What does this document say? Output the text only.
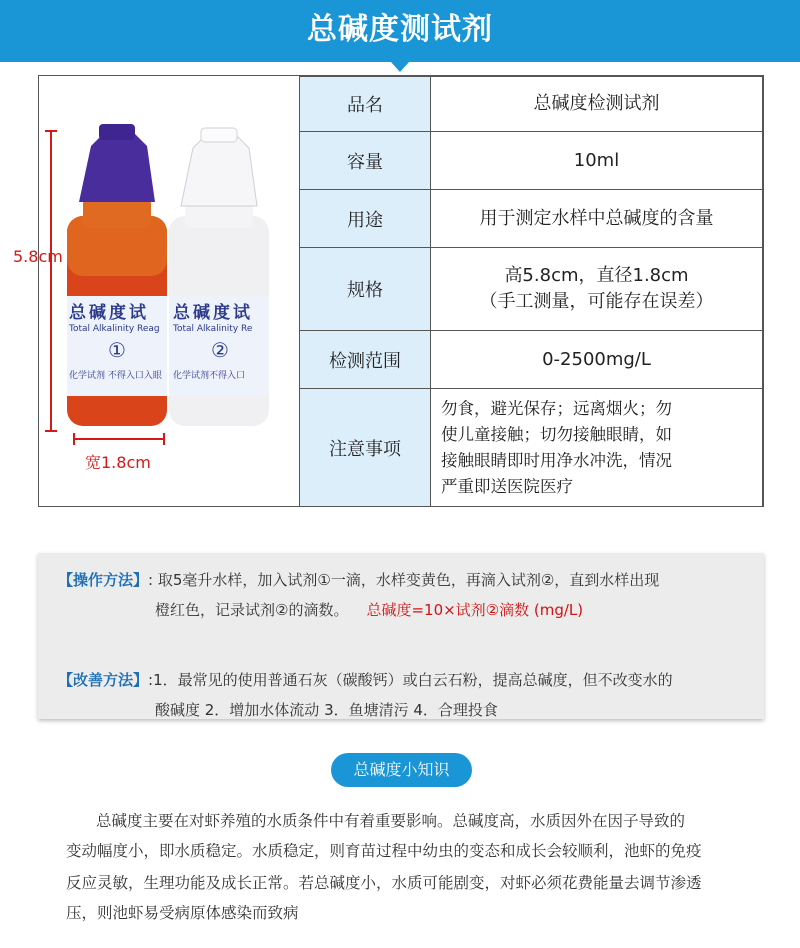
总碱度测试剂
总碱度试
Total Alkalinity Reag
①
化学试剂 不得入口入眼
总碱度试
Total Alkalinity Re
②
化学试剂不得入口
5.8cm
宽1.8cm
品名	总碱度检测试剂

容量	10ml

用途	用于测定水样中总碱度的含量

规格	高5.8cm，直径1.8cm
（手工测量，可能存在误差）

检测范围	0-2500mg/L

注意事项	勿食，避光保存；远离烟火；勿
使儿童接触；切勿接触眼睛，如
接触眼睛即时用净水冲洗，情况
严重即送医院医疗
【操作方法】: 取5毫升水样，加入试剂①一滴，水样变黄色，再滴入试剂②，直到水样出现
橙红色，记录试剂②的滴数。 总碱度=10×试剂②滴数 (mg/L)
【改善方法】:1．最常见的使用普通石灰（碳酸钙）或白云石粉，提高总碱度，但不改变水的
酸碱度 2．增加水体流动 3．鱼塘清污 4．合理投食
总碱度小知识
总碱度主要在对虾养殖的水质条件中有着重要影响。总碱度高，水质因外在因子导致的
变动幅度小，即水质稳定。水质稳定，则育苗过程中幼虫的变态和成长会较顺利，池虾的免疫
反应灵敏，生理功能及成长正常。若总碱度小，水质可能剧变，对虾必须花费能量去调节渗透
压，则池虾易受病原体感染而致病
